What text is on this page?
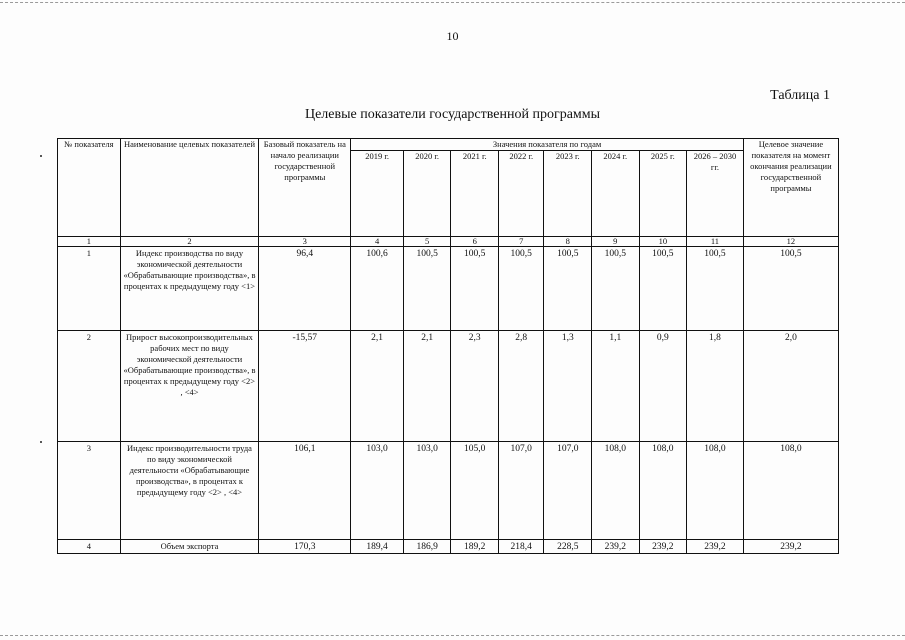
10
Таблица 1
Целевые показатели государственной программы
№ показателя	Наименование целевых показателей	Базовый показатель на начало реализации государственной программы	Значения показателя по годам								Целевое значение показателя на момент окончания реализации государственной программы
			2019 г.	2020 г.	2021 г.	2022 г.	2023 г.	2024 г.	2025 г.	2026 – 2030 гг.	
1	2	3	4	5	6	7	8	9	10	11	12
1	Индекс производства по виду экономической деятельности «Обрабатывающие производства», в процентах к предыдущему году <1>	96,4	100,6	100,5	100,5	100,5	100,5	100,5	100,5	100,5	100,5
2	Прирост высокопроизводительных рабочих мест по виду экономической деятельности «Обрабатывающие производства», в процентах к предыдущему году <2> , <4>	-15,57	2,1	2,1	2,3	2,8	1,3	1,1	0,9	1,8	2,0
3	Индекс производительности труда по виду экономической деятельности «Обрабатывающие производства», в процентах к предыдущему году <2> , <4>	106,1	103,0	103,0	105,0	107,0	107,0	108,0	108,0	108,0	108,0
4	Объем экспорта	170,3	189,4	186,9	189,2	218,4	228,5	239,2	239,2	239,2	239,2
